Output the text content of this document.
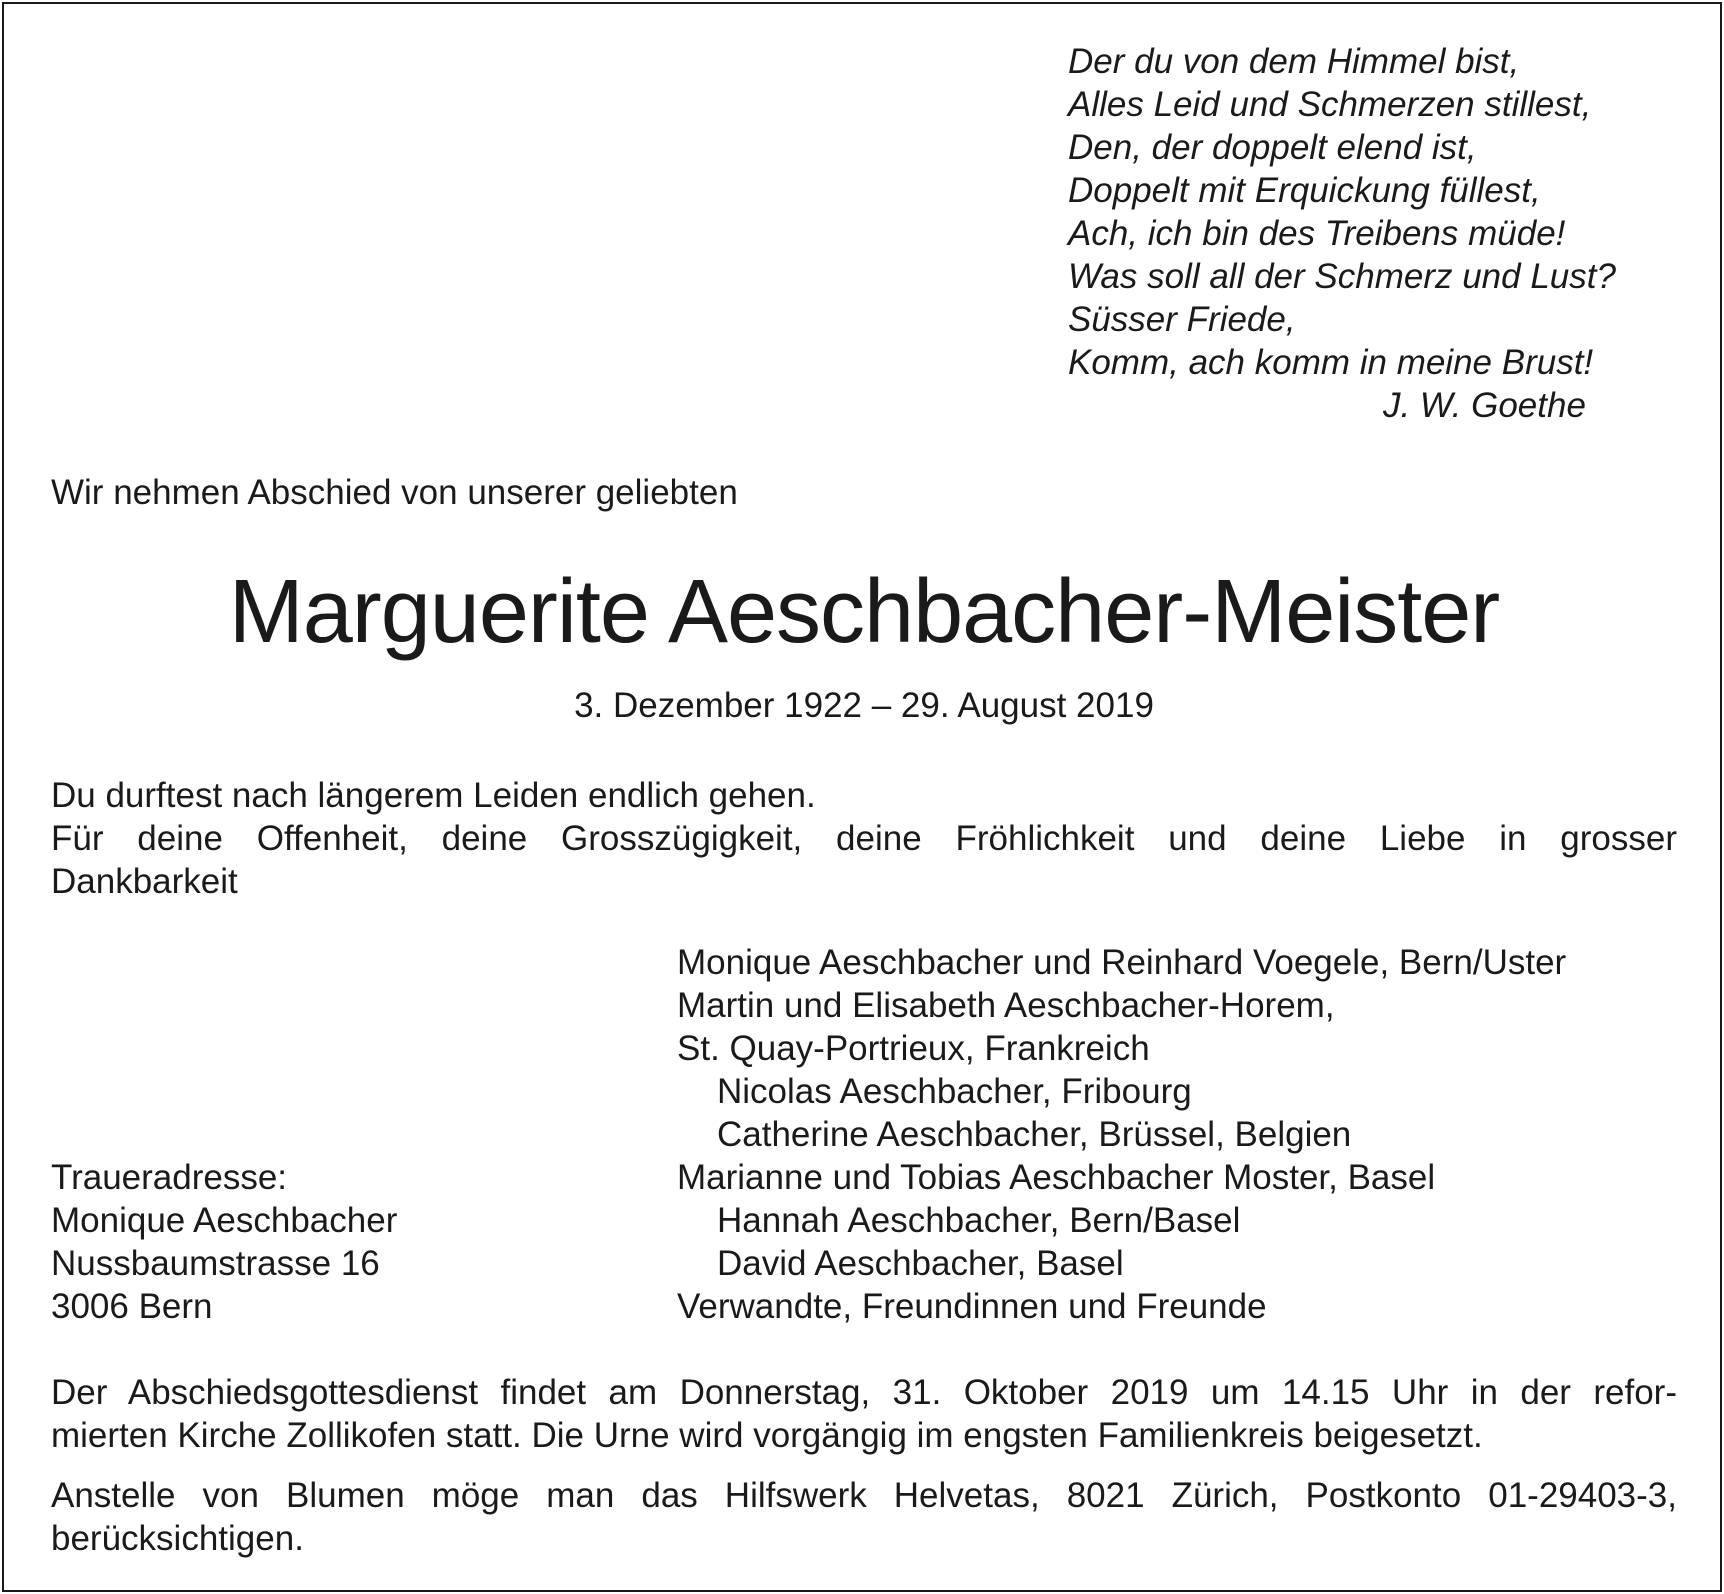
Der du von dem Himmel bist,
Alles Leid und Schmerzen stillest,
Den, der doppelt elend ist,
Doppelt mit Erquickung füllest,
Ach, ich bin des Treibens müde!
Was soll all der Schmerz und Lust?
Süsser Friede,
Komm, ach komm in meine Brust!
J. W. Goethe
Wir nehmen Abschied von unserer geliebten
Marguerite Aeschbacher-Meister
3. Dezember 1922 – 29. August 2019
Du durftest nach längerem Leiden endlich gehen.
Für deine Offenheit, deine Grosszügigkeit, deine Fröhlichkeit und deine Liebe in grosser
Dankbarkeit
Monique Aeschbacher und Reinhard Voegele, Bern/Uster
Martin und Elisabeth Aeschbacher-Horem,
St. Quay-Portrieux, Frankreich
Nicolas Aeschbacher, Fribourg
Catherine Aeschbacher, Brüssel, Belgien
Marianne und Tobias Aeschbacher Moster, Basel
Hannah Aeschbacher, Bern/Basel
David Aeschbacher, Basel
Verwandte, Freundinnen und Freunde
Traueradresse:
Monique Aeschbacher
Nussbaumstrasse 16
3006 Bern
Der Abschiedsgottesdienst findet am Donnerstag, 31. Oktober 2019 um 14.15 Uhr in der refor-
mierten Kirche Zollikofen statt. Die Urne wird vorgängig im engsten Familienkreis beigesetzt.
Anstelle von Blumen möge man das Hilfswerk Helvetas, 8021 Zürich, Postkonto 01-29403-3,
berücksichtigen.
